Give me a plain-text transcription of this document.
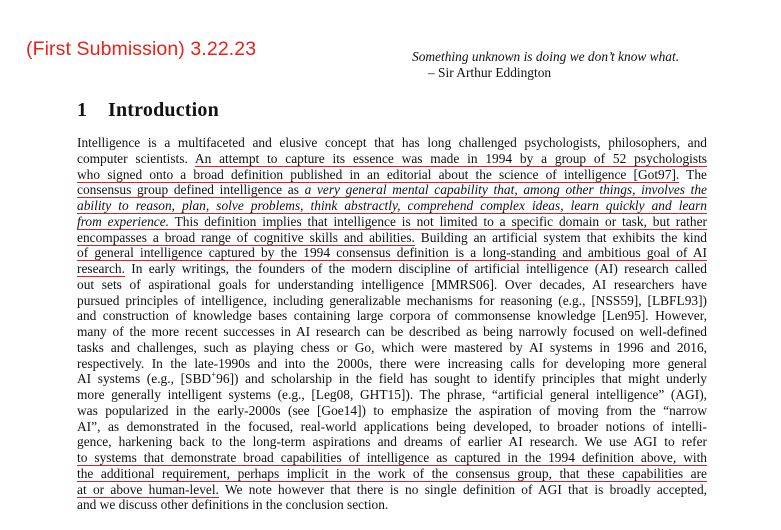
(First Submission) 3.22.23	Something unknown is doing we don’t know what.
– Sir Arthur Eddington
1 Introduction
Intelligence is a multifaceted and elusive concept that has long challenged psychologists, philosophers, and
computer scientists. An attempt to capture its essence was made in 1994 by a group of 52 psychologists
who signed onto a broad definition published in an editorial about the science of intelligence [Got97]. The
consensus group defined intelligence as a very general mental capability that, among other things, involves the
ability to reason, plan, solve problems, think abstractly, comprehend complex ideas, learn quickly and learn
from experience. This definition implies that intelligence is not limited to a specific domain or task, but rather
encompasses a broad range of cognitive skills and abilities. Building an artificial system that exhibits the kind
of general intelligence captured by the 1994 consensus definition is a long-standing and ambitious goal of AI
research. In early writings, the founders of the modern discipline of artificial intelligence (AI) research called
out sets of aspirational goals for understanding intelligence [MMRS06]. Over decades, AI researchers have
pursued principles of intelligence, including generalizable mechanisms for reasoning (e.g., [NSS59], [LBFL93])
and construction of knowledge bases containing large corpora of commonsense knowledge [Len95]. However,
many of the more recent successes in AI research can be described as being narrowly focused on well-defined
tasks and challenges, such as playing chess or Go, which were mastered by AI systems in 1996 and 2016,
respectively. In the late-1990s and into the 2000s, there were increasing calls for developing more general
AI systems (e.g., [SBD+96]) and scholarship in the field has sought to identify principles that might underly
more generally intelligent systems (e.g., [Leg08, GHT15]). The phrase, “artificial general intelligence” (AGI),
was popularized in the early-2000s (see [Goe14]) to emphasize the aspiration of moving from the “narrow
AI”, as demonstrated in the focused, real-world applications being developed, to broader notions of intelli-
gence, harkening back to the long-term aspirations and dreams of earlier AI research. We use AGI to refer
to systems that demonstrate broad capabilities of intelligence as captured in the 1994 definition above, with
the additional requirement, perhaps implicit in the work of the consensus group, that these capabilities are
at or above human-level. We note however that there is no single definition of AGI that is broadly accepted,
and we discuss other definitions in the conclusion section.
